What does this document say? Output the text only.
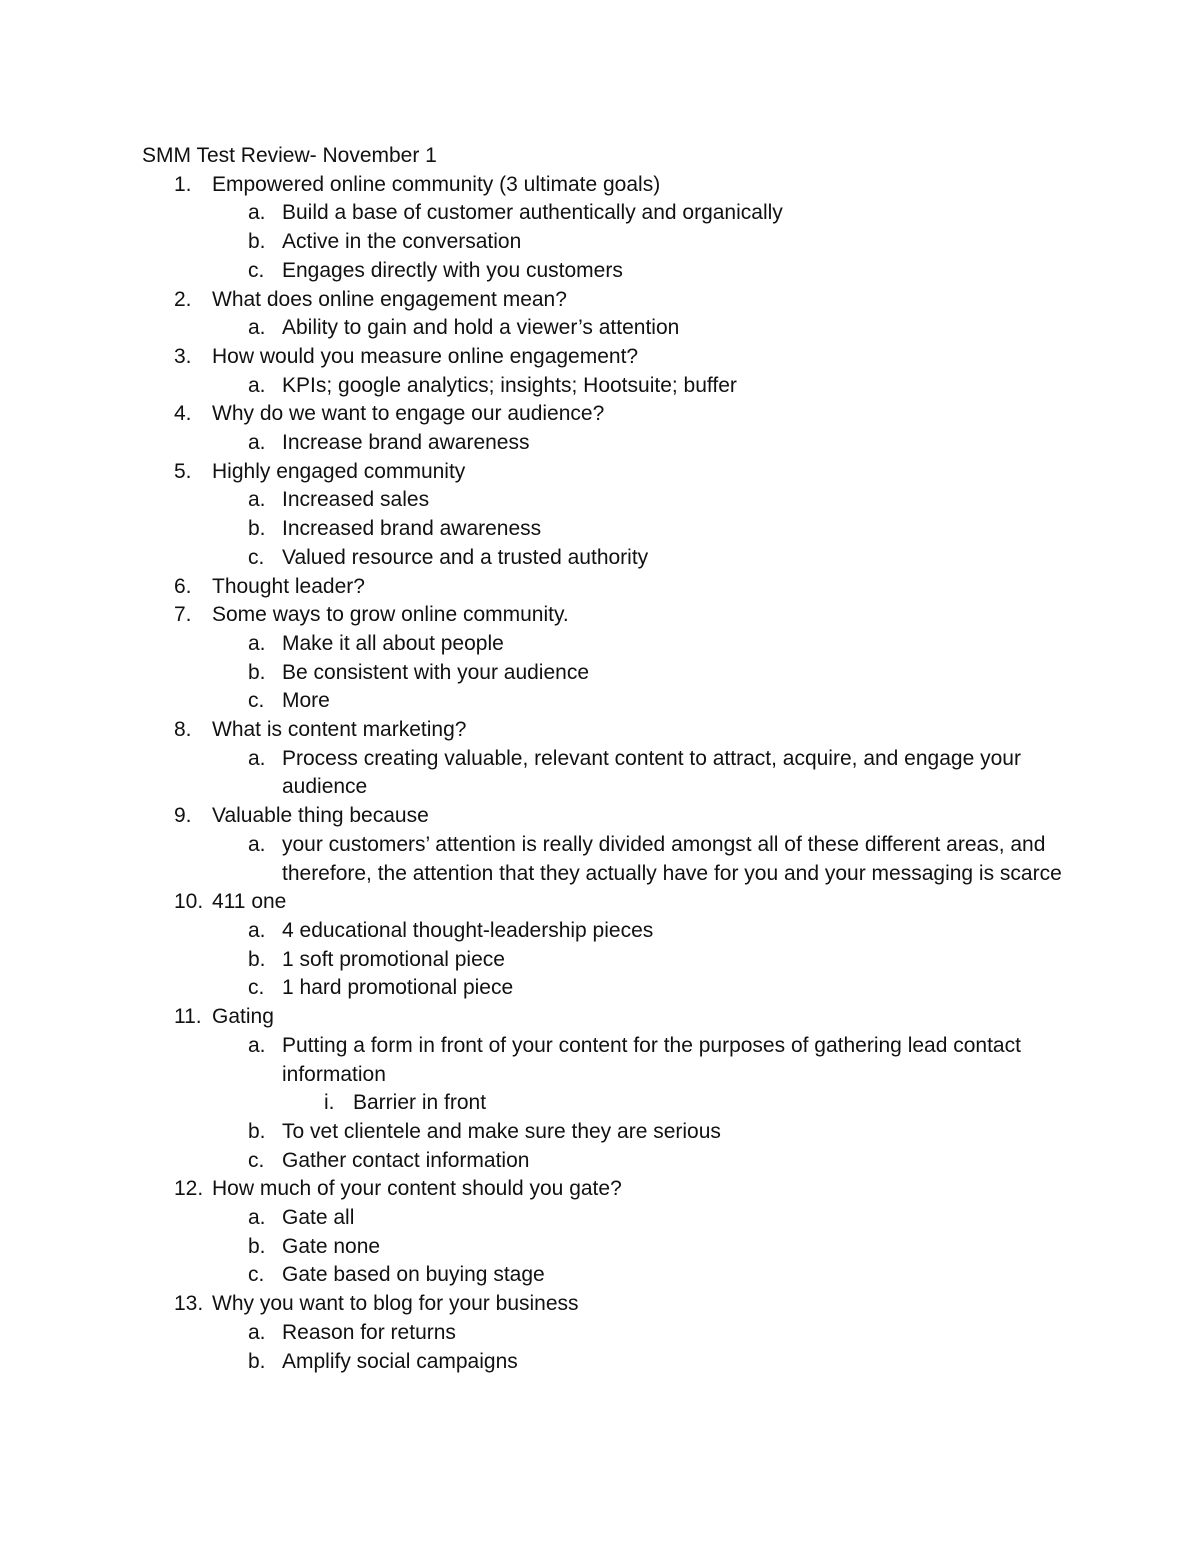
SMM Test Review- November 1
1. Empowered online community (3 ultimate goals)
a. Build a base of customer authentically and organically
b. Active in the conversation
c. Engages directly with you customers
2. What does online engagement mean?
a. Ability to gain and hold a viewer’s attention
3. How would you measure online engagement?
a. KPIs; google analytics; insights; Hootsuite; buffer
4. Why do we want to engage our audience?
a. Increase brand awareness
5. Highly engaged community
a. Increased sales
b. Increased brand awareness
c. Valued resource and a trusted authority
6. Thought leader?
7. Some ways to grow online community.
a. Make it all about people
b. Be consistent with your audience
c. More
8. What is content marketing?
a. Process creating valuable, relevant content to attract, acquire, and engage your audience
9. Valuable thing because
a. your customers’ attention is really divided amongst all of these different areas, and therefore, the attention that they actually have for you and your messaging is scarce
10. 411 one
a. 4 educational thought-leadership pieces
b. 1 soft promotional piece
c. 1 hard promotional piece
11. Gating
a. Putting a form in front of your content for the purposes of gathering lead contact information
i. Barrier in front
b. To vet clientele and make sure they are serious
c. Gather contact information
12. How much of your content should you gate?
a. Gate all
b. Gate none
c. Gate based on buying stage
13. Why you want to blog for your business
a. Reason for returns
b. Amplify social campaigns
